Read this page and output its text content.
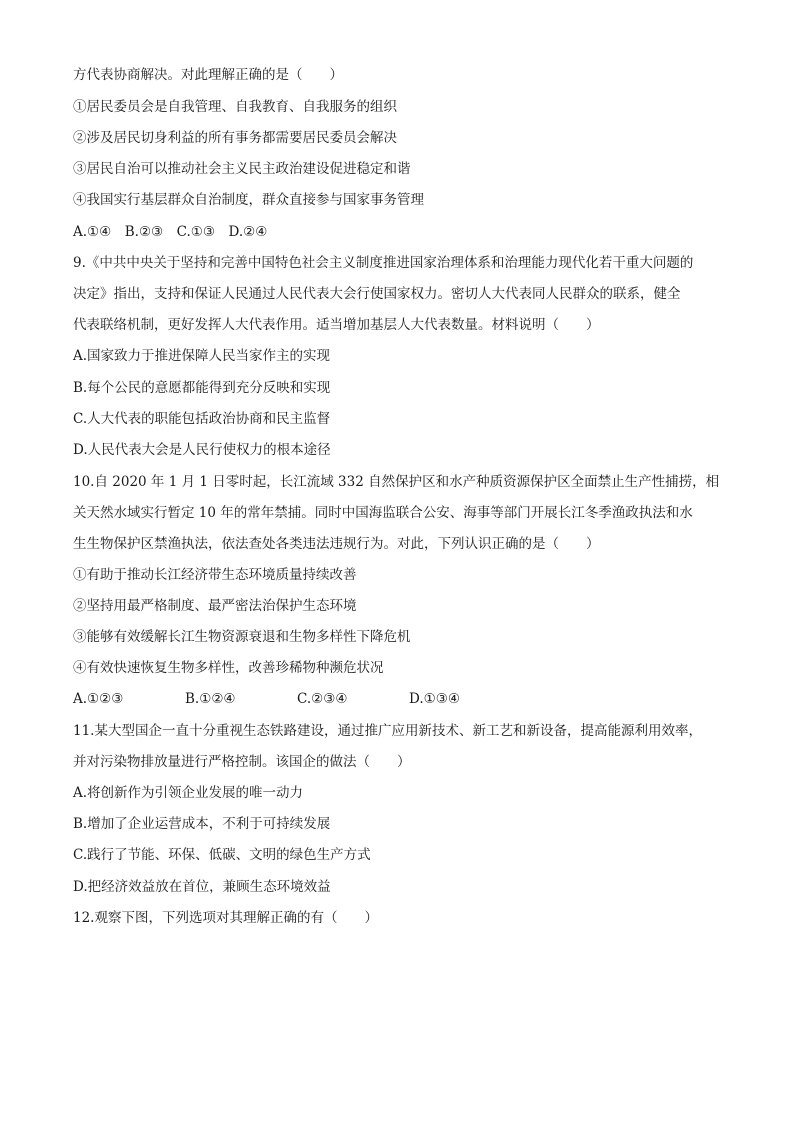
方代表协商解决。对此理解正确的是（　　）
①居民委员会是自我管理、自我教育、自我服务的组织
②涉及居民切身利益的所有事务都需要居民委员会解决
③居民自治可以推动社会主义民主政治建设促进稳定和谐
④我国实行基层群众自治制度，群众直接参与国家事务管理
A.①④　B.②③　C.①③　D.②④
9.《中共中央关于坚持和完善中国特色社会主义制度推进国家治理体系和治理能力现代化若干重大问题的
决定》指出，支持和保证人民通过人民代表大会行使国家权力。密切人大代表同人民群众的联系，健全
代表联络机制，更好发挥人大代表作用。适当增加基层人大代表数量。材料说明（　　）
A.国家致力于推进保障人民当家作主的实现
B.每个公民的意愿都能得到充分反映和实现
C.人大代表的职能包括政治协商和民主监督
D.人民代表大会是人民行使权力的根本途径
10.自 2020 年 1 月 1 日零时起，长江流域 332 自然保护区和水产种质资源保护区全面禁止生产性捕捞，相
关天然水域实行暂定 10 年的常年禁捕。同时中国海监联合公安、海事等部门开展长江冬季渔政执法和水
生生物保护区禁渔执法，依法查处各类违法违规行为。对此，下列认识正确的是（　　）
①有助于推动长江经济带生态环境质量持续改善
②坚持用最严格制度、最严密法治保护生态环境
③能够有效缓解长江生物资源衰退和生物多样性下降危机
④有效快速恢复生物多样性，改善珍稀物种濒危状况
A.①②③	B.①②④	C.②③④	D.①③④
11.某大型国企一直十分重视生态铁路建设，通过推广应用新技术、新工艺和新设备，提高能源利用效率，
并对污染物排放量进行严格控制。该国企的做法（　　）
A.将创新作为引领企业发展的唯一动力
B.增加了企业运营成本，不利于可持续发展
C.践行了节能、环保、低碳、文明的绿色生产方式
D.把经济效益放在首位，兼顾生态环境效益
12.观察下图，下列选项对其理解正确的有（　　）
